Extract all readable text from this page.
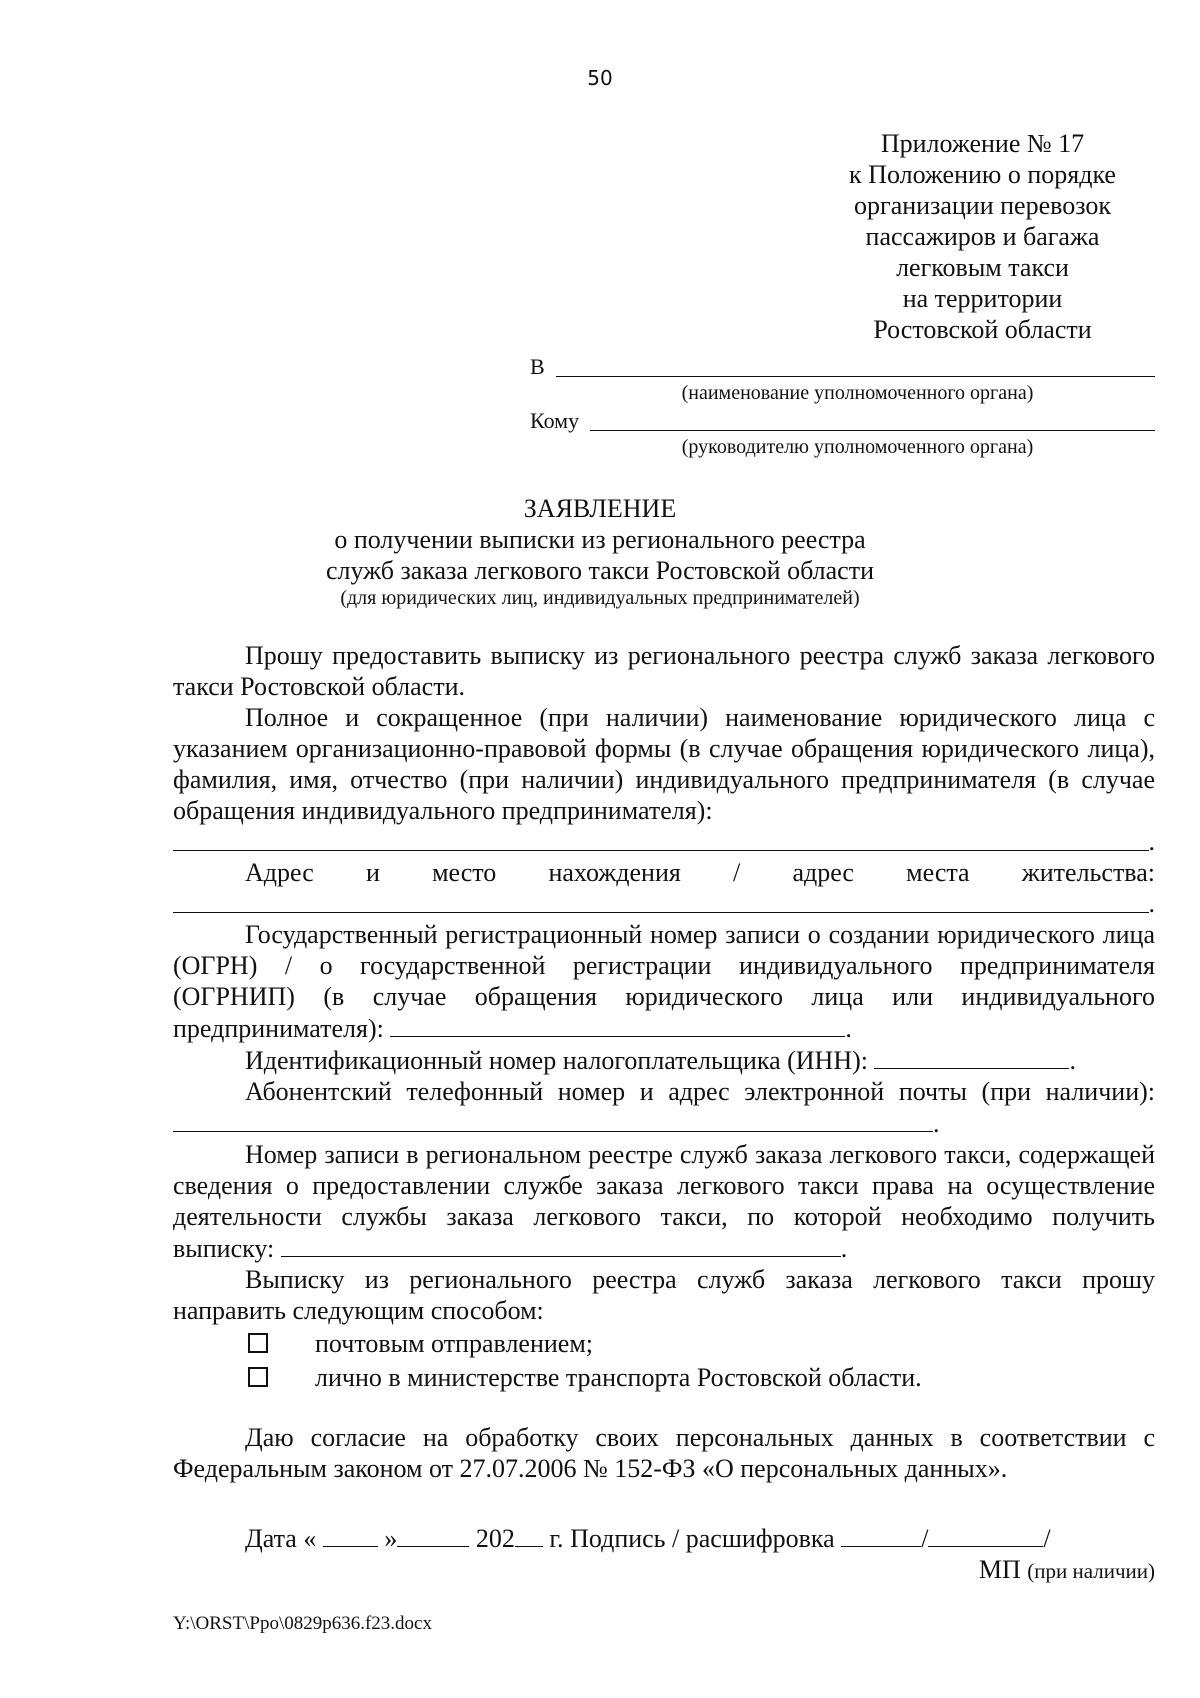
50
Приложение № 17
к Положению о порядке
организации перевозок
пассажиров и багажа
легковым такси
на территории
Ростовской области
В
(наименование уполномоченного органа)
Кому
(руководителю уполномоченного органа)
ЗАЯВЛЕНИЕ
о получении выписки из регионального реестра
служб заказа легкового такси Ростовской области
(для юридических лиц, индивидуальных предпринимателей)

Прошу предоставить выписку из регионального реестра служб заказа легкового такси Ростовской области.

Полное и сокращенное (при наличии) наименование юридического лица с указанием организационно-правовой формы (в случае обращения юридического лица), фамилия, имя, отчество (при наличии) индивидуального предпринимателя (в случае обращения индивидуального предпринимателя):

.

Адрес и место нахождения / адрес места жительства:

.

Государственный регистрационный номер записи о создании юридического лица (ОГРН) / о государственной регистрации индивидуального предпринимателя (ОГРНИП) (в случае обращения юридического лица или индивидуального предпринимателя):	.

Идентификационный номер налогоплательщика (ИНН):	.

Абонентский телефонный номер и адрес электронной почты (при наличии): .

Номер записи в региональном реестре служб заказа легкового такси, содержащей сведения о предоставлении службе заказа легкового такси права на осуществление деятельности службы заказа легкового такси, по которой необходимо получить выписку:	.

Выписку из регионального реестра служб заказа легкового такси прошу направить следующим способом:

почтовым отправлением;
лично в министерстве транспорта Ростовской области.

Даю согласие на обработку своих персональных данных в соответствии с Федеральным законом от 27.07.2006 № 152-ФЗ «О персональных данных».

Дата «	»	202 г. Подпись / расшифровка	/	/

МП (при наличии)
Y:\ORST\Ppo\0829p636.f23.docx
